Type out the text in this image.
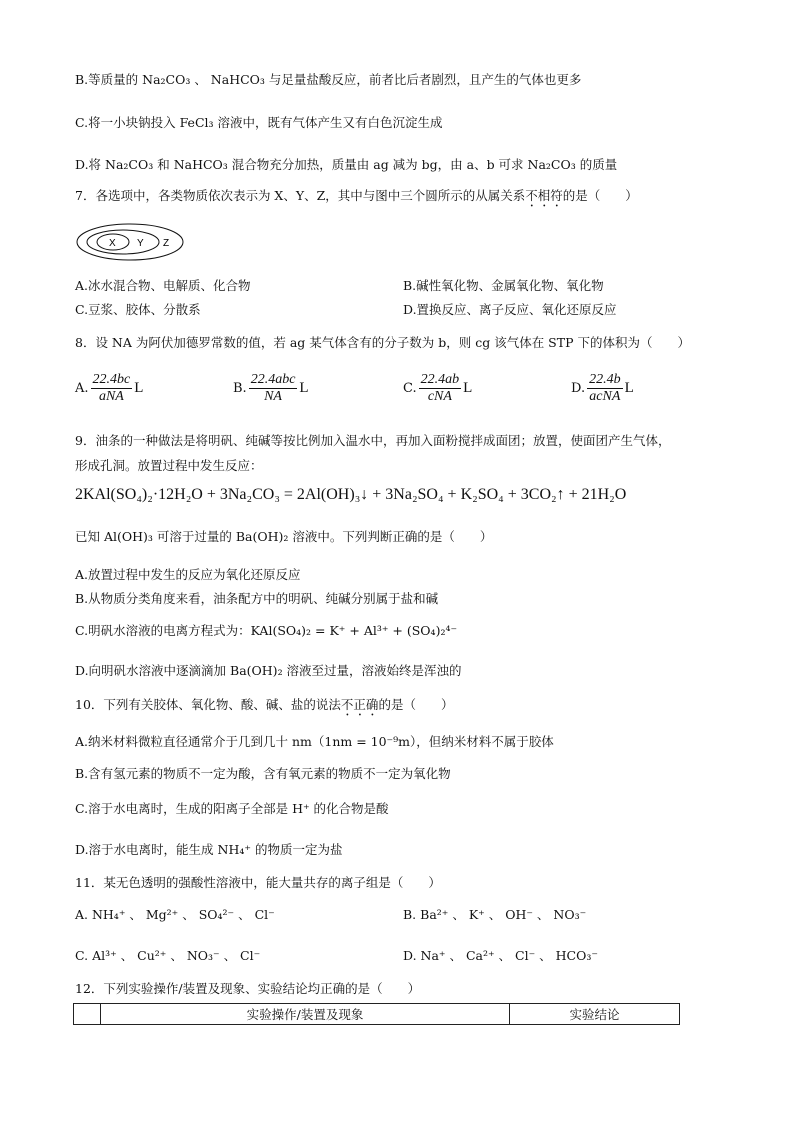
B.等质量的 Na₂CO₃ 、 NaHCO₃ 与足量盐酸反应，前者比后者剧烈，且产生的气体也更多
C.将一小块钠投入 FeCl₃ 溶液中，既有气体产生又有白色沉淀生成
D.将 Na₂CO₃ 和 NaHCO₃ 混合物充分加热，质量由 ag 减为 bg，由 a、b 可求 Na₂CO₃ 的质量
7．各选项中，各类物质依次表示为 X、Y、Z，其中与图中三个圆所示的从属关系不相符的是（　　）
X Y Z
A.冰水混合物、电解质、化合物	B.碱性氧化物、金属氧化物、氧化物
C.豆浆、胶体、分散系	D.置换反应、离子反应、氧化还原反应
8．设 NA 为阿伏加德罗常数的值，若 ag 某气体含有的分子数为 b，则 cg 该气体在 STP 下的体积为（　　）
A. $\frac{22.4bc}{\text{aNA}}$ L	B. $\frac{\text{22.4abc}}{NA}$ L	C. $\frac{22.4ab}{\text{cNA}}$ L	D. $\frac{22.4b}{\text{acNA}}$ L
9．油条的一种做法是将明矾、纯碱等按比例加入温水中，再加入面粉搅拌成面团；放置，使面团产生气体，
形成孔洞。放置过程中发生反应：
2KAl(SO₄)₂·12H₂O + 3Na₂CO₃ = 2Al(OH)₃↓ + 3Na₂SO₄ + K₂SO₄ + 3CO₂↑ + 21H₂O
已知 Al(OH)₃ 可溶于过量的 Ba(OH)₂ 溶液中。下列判断正确的是（　　）
A.放置过程中发生的反应为氧化还原反应
B.从物质分类角度来看，油条配方中的明矾、纯碱分别属于盐和碱
C.明矾水溶液的电离方程式为：KAl(SO₄)₂ = K⁺ + Al³⁺ + (SO₄)₂⁴⁻
D.向明矾水溶液中逐滴滴加 Ba(OH)₂ 溶液至过量，溶液始终是浑浊的
10．下列有关胶体、氧化物、酸、碱、盐的说法不正确的是（　　）
A.纳米材料微粒直径通常介于几到几十 nm（1nm = 10⁻⁹m），但纳米材料不属于胶体
B.含有氢元素的物质不一定为酸，含有氧元素的物质不一定为氧化物
C.溶于水电离时，生成的阳离子全部是 H⁺ 的化合物是酸
D.溶于水电离时，能生成 NH₄⁺ 的物质一定为盐
11．某无色透明的强酸性溶液中，能大量共存的离子组是（　　）
A. NH₄⁺ 、 Mg²⁺ 、 SO₄²⁻ 、 Cl⁻	B. Ba²⁺ 、 K⁺ 、 OH⁻ 、 NO₃⁻
C. Al³⁺ 、 Cu²⁺ 、 NO₃⁻ 、 Cl⁻	D. Na⁺ 、 Ca²⁺ 、 Cl⁻ 、 HCO₃⁻
12．下列实验操作/装置及现象、实验结论均正确的是（　　）
	实验操作/装置及现象	实验结论
